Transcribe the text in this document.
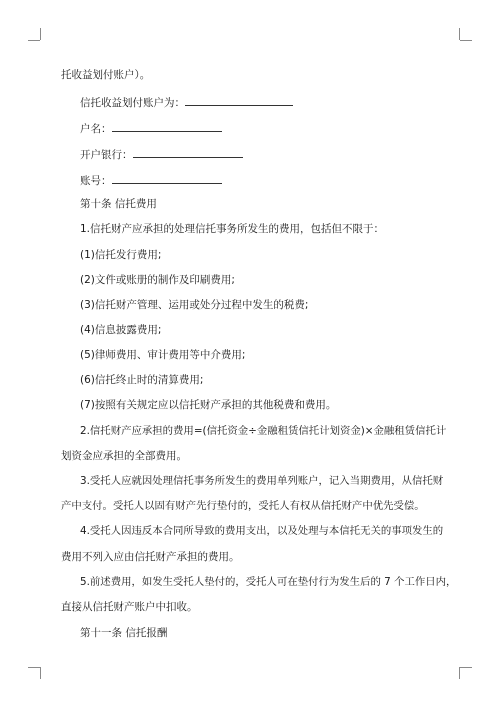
托收益划付账户）。
信托收益划付账户为：
户名：
开户银行：
账号：
第十条 信托费用
1.信托财产应承担的处理信托事务所发生的费用，包括但不限于：
(1)信托发行费用;
(2)文件或账册的制作及印刷费用;
(3)信托财产管理、运用或处分过程中发生的税费;
(4)信息披露费用;
(5)律师费用、审计费用等中介费用;
(6)信托终止时的清算费用;
(7)按照有关规定应以信托财产承担的其他税费和费用。
2.信托财产应承担的费用=(信托资金÷金融租赁信托计划资金)×金融租赁信托计
划资金应承担的全部费用。
3.受托人应就因处理信托事务所发生的费用单列账户，记入当期费用，从信托财
产中支付。受托人以固有财产先行垫付的，受托人有权从信托财产中优先受偿。
4.受托人因违反本合同所导致的费用支出，以及处理与本信托无关的事项发生的
费用不列入应由信托财产承担的费用。
5.前述费用，如发生受托人垫付的，受托人可在垫付行为发生后的 7 个工作日内，
直接从信托财产账户中扣收。
第十一条 信托报酬
